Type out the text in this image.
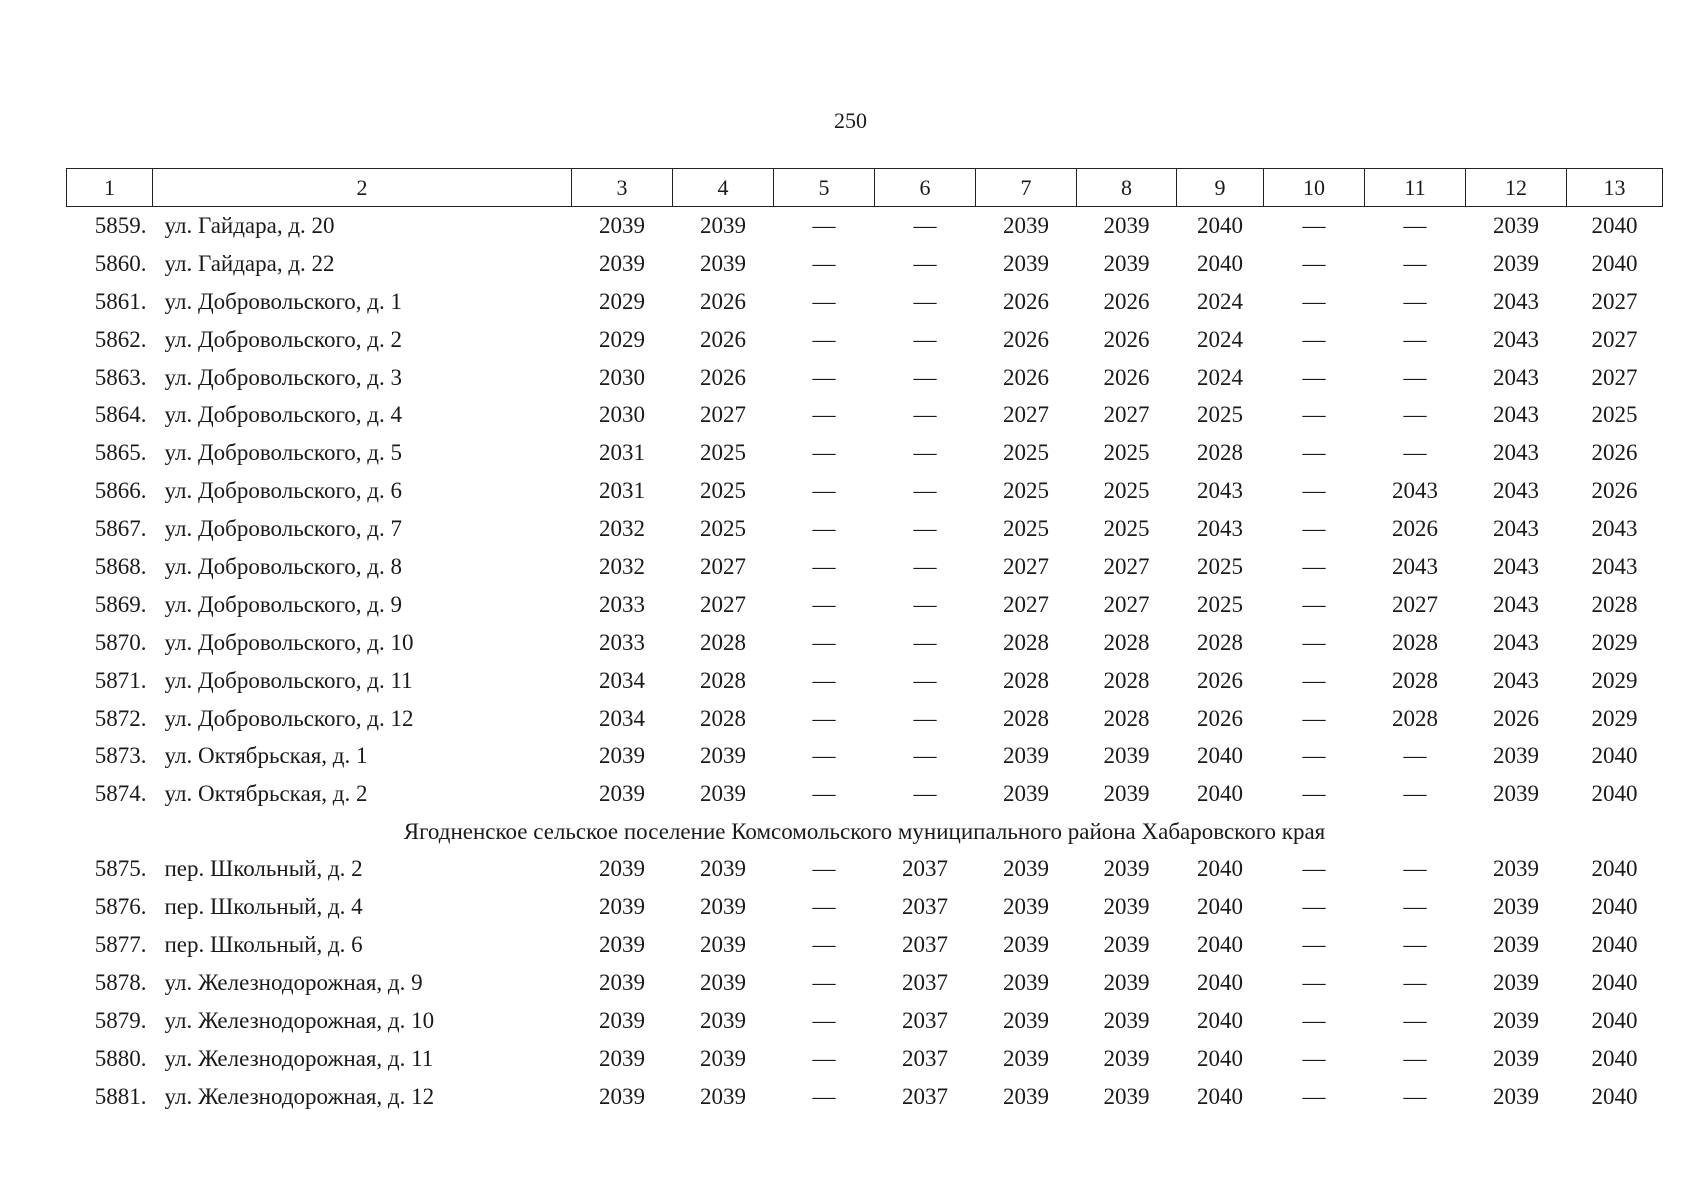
250
1	2	3	4	5	6	7	8	9	10	11	12	13
5859.	ул. Гайдара, д. 20	2039	2039	—	—	2039	2039	2040	—	—	2039	2040
5860.	ул. Гайдара, д. 22	2039	2039	—	—	2039	2039	2040	—	—	2039	2040
5861.	ул. Добровольского, д. 1	2029	2026	—	—	2026	2026	2024	—	—	2043	2027
5862.	ул. Добровольского, д. 2	2029	2026	—	—	2026	2026	2024	—	—	2043	2027
5863.	ул. Добровольского, д. 3	2030	2026	—	—	2026	2026	2024	—	—	2043	2027
5864.	ул. Добровольского, д. 4	2030	2027	—	—	2027	2027	2025	—	—	2043	2025
5865.	ул. Добровольского, д. 5	2031	2025	—	—	2025	2025	2028	—	—	2043	2026
5866.	ул. Добровольского, д. 6	2031	2025	—	—	2025	2025	2043	—	2043	2043	2026
5867.	ул. Добровольского, д. 7	2032	2025	—	—	2025	2025	2043	—	2026	2043	2043
5868.	ул. Добровольского, д. 8	2032	2027	—	—	2027	2027	2025	—	2043	2043	2043
5869.	ул. Добровольского, д. 9	2033	2027	—	—	2027	2027	2025	—	2027	2043	2028
5870.	ул. Добровольского, д. 10	2033	2028	—	—	2028	2028	2028	—	2028	2043	2029
5871.	ул. Добровольского, д. 11	2034	2028	—	—	2028	2028	2026	—	2028	2043	2029
5872.	ул. Добровольского, д. 12	2034	2028	—	—	2028	2028	2026	—	2028	2026	2029
5873.	ул. Октябрьская, д. 1	2039	2039	—	—	2039	2039	2040	—	—	2039	2040
5874.	ул. Октябрьская, д. 2	2039	2039	—	—	2039	2039	2040	—	—	2039	2040
Ягодненское сельское поселение Комсомольского муниципального района Хабаровского края												
5875.	пер. Школьный, д. 2	2039	2039	—	2037	2039	2039	2040	—	—	2039	2040
5876.	пер. Школьный, д. 4	2039	2039	—	2037	2039	2039	2040	—	—	2039	2040
5877.	пер. Школьный, д. 6	2039	2039	—	2037	2039	2039	2040	—	—	2039	2040
5878.	ул. Железнодорожная, д. 9	2039	2039	—	2037	2039	2039	2040	—	—	2039	2040
5879.	ул. Железнодорожная, д. 10	2039	2039	—	2037	2039	2039	2040	—	—	2039	2040
5880.	ул. Железнодорожная, д. 11	2039	2039	—	2037	2039	2039	2040	—	—	2039	2040
5881.	ул. Железнодорожная, д. 12	2039	2039	—	2037	2039	2039	2040	—	—	2039	2040
